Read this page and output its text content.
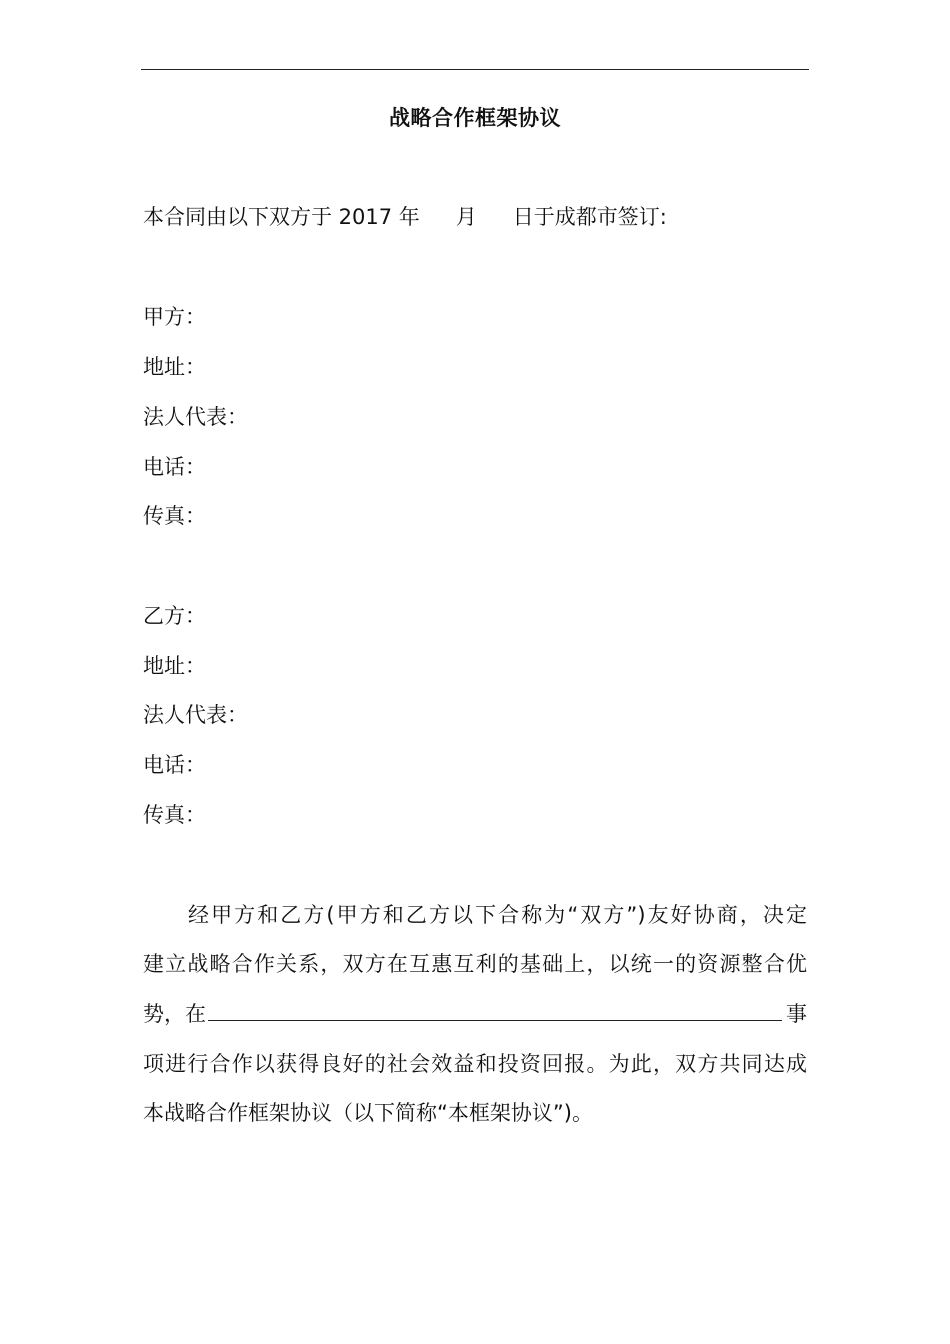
战略合作框架协议
本合同由以下双方于 2017 年 月 日于成都市签订:
甲方：
地址：
法人代表：
电话：
传真：
乙方：
地址：
法人代表：
电话：
传真：
经甲方和乙方(甲方和乙方以下合称为“双方”)友好协商，决定
建立战略合作关系，双方在互惠互利的基础上，以统一的资源整合优
势，在	事
项进行合作以获得良好的社会效益和投资回报。为此，双方共同达成
本战略合作框架协议（以下简称“本框架协议”)。
